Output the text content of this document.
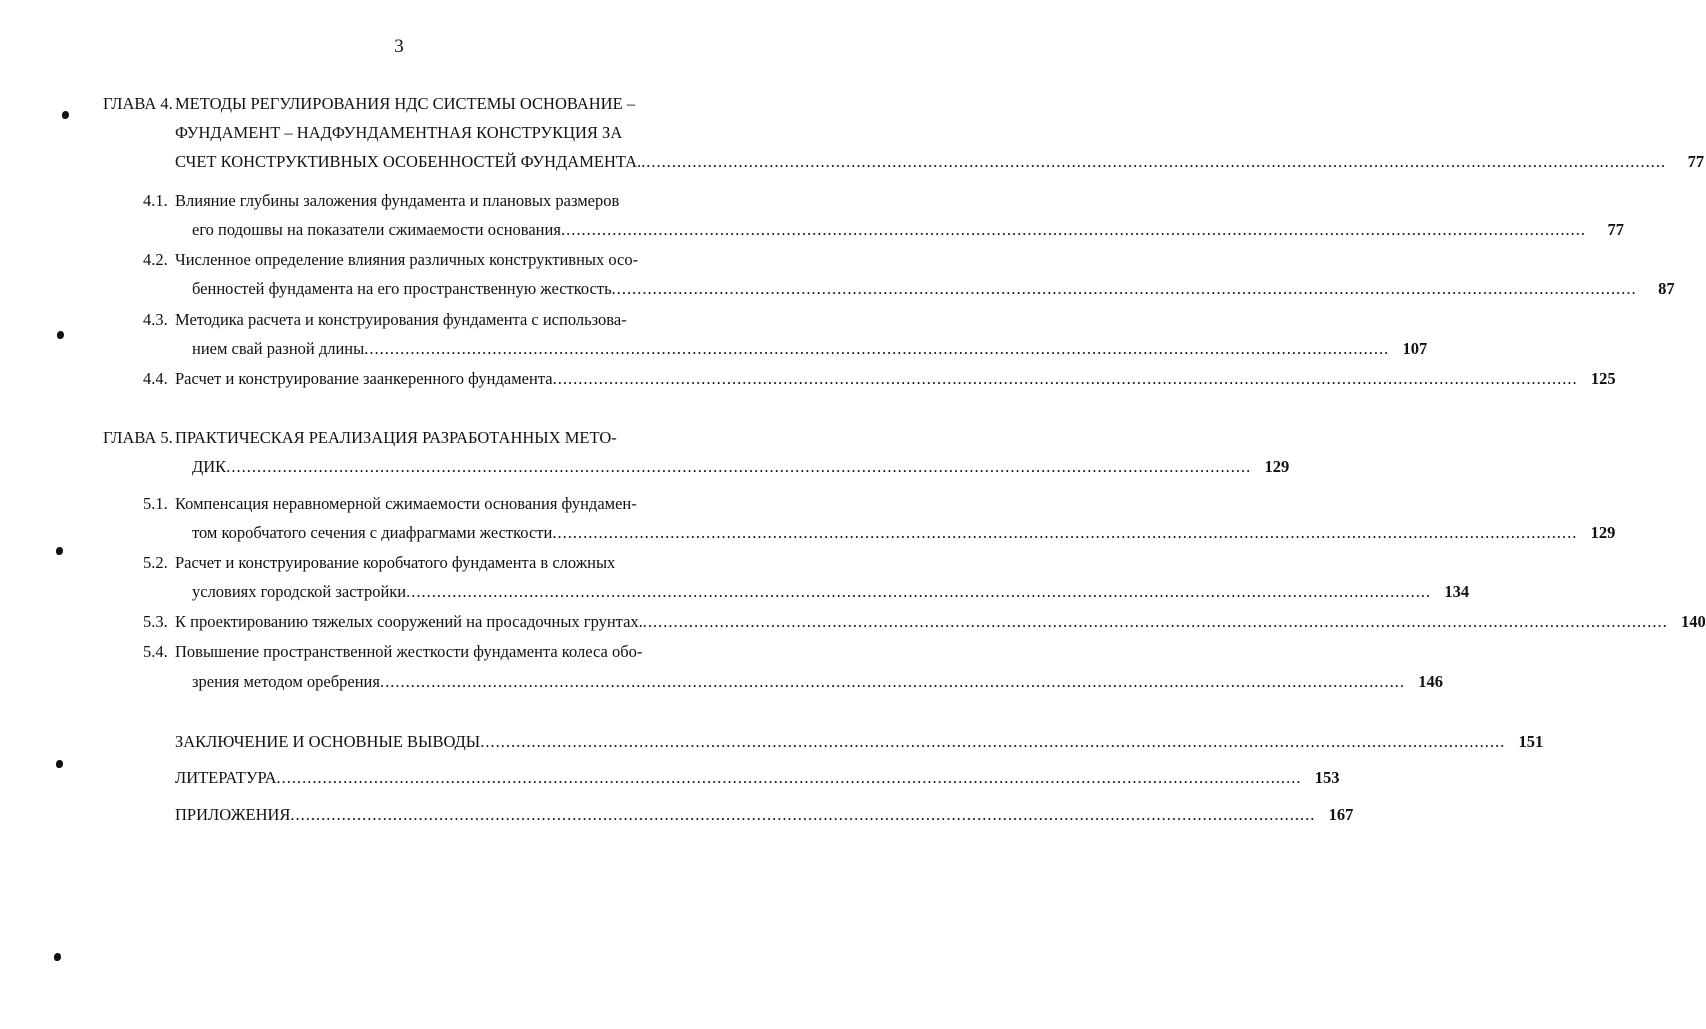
3
ГЛАВА 4. МЕТОДЫ РЕГУЛИРОВАНИЯ НДС СИСТЕМЫ ОСНОВАНИЕ –
ФУНДАМЕНТ – НАДФУНДАМЕНТНАЯ КОНСТРУКЦИЯ ЗА
СЧЕТ КОНСТРУКТИВНЫХ ОСОБЕННОСТЕЙ ФУНДАМЕНТА. ........................................................................................................................................................................................................	77
4.1. Влияние глубины заложения фундамента и плановых размеров
его подошвы на показатели сжимаемости основания ........................................................................................................................................................................................................	77
4.2. Численное определение влияния различных конструктивных осо-
бенностей фундамента на его пространственную жесткость ........................................................................................................................................................................................................	87
4.3. Методика расчета и конструирования фундамента с использова-
нием свай разной длины ........................................................................................................................................................................................................ 107
4.4. Расчет и конструирование заанкеренного фундамента ........................................................................................................................................................................................................ 125
ГЛАВА 5. ПРАКТИЧЕСКАЯ РЕАЛИЗАЦИЯ РАЗРАБОТАННЫХ МЕТО-
ДИК ........................................................................................................................................................................................................ 129
5.1. Компенсация неравномерной сжимаемости основания фундамен-
том коробчатого сечения с диафрагмами жесткости ........................................................................................................................................................................................................ 129
5.2. Расчет и конструирование коробчатого фундамента в сложных
условиях городской застройки ........................................................................................................................................................................................................ 134
5.3. К проектированию тяжелых сооружений на просадочных грунтах. ........................................................................................................................................................................................................ 140
5.4. Повышение пространственной жесткости фундамента колеса обо-
зрения методом оребрения ........................................................................................................................................................................................................ 146
ЗАКЛЮЧЕНИЕ И ОСНОВНЫЕ ВЫВОДЫ ........................................................................................................................................................................................................ 151
ЛИТЕРАТУРА ........................................................................................................................................................................................................ 153
ПРИЛОЖЕНИЯ ........................................................................................................................................................................................................ 167
